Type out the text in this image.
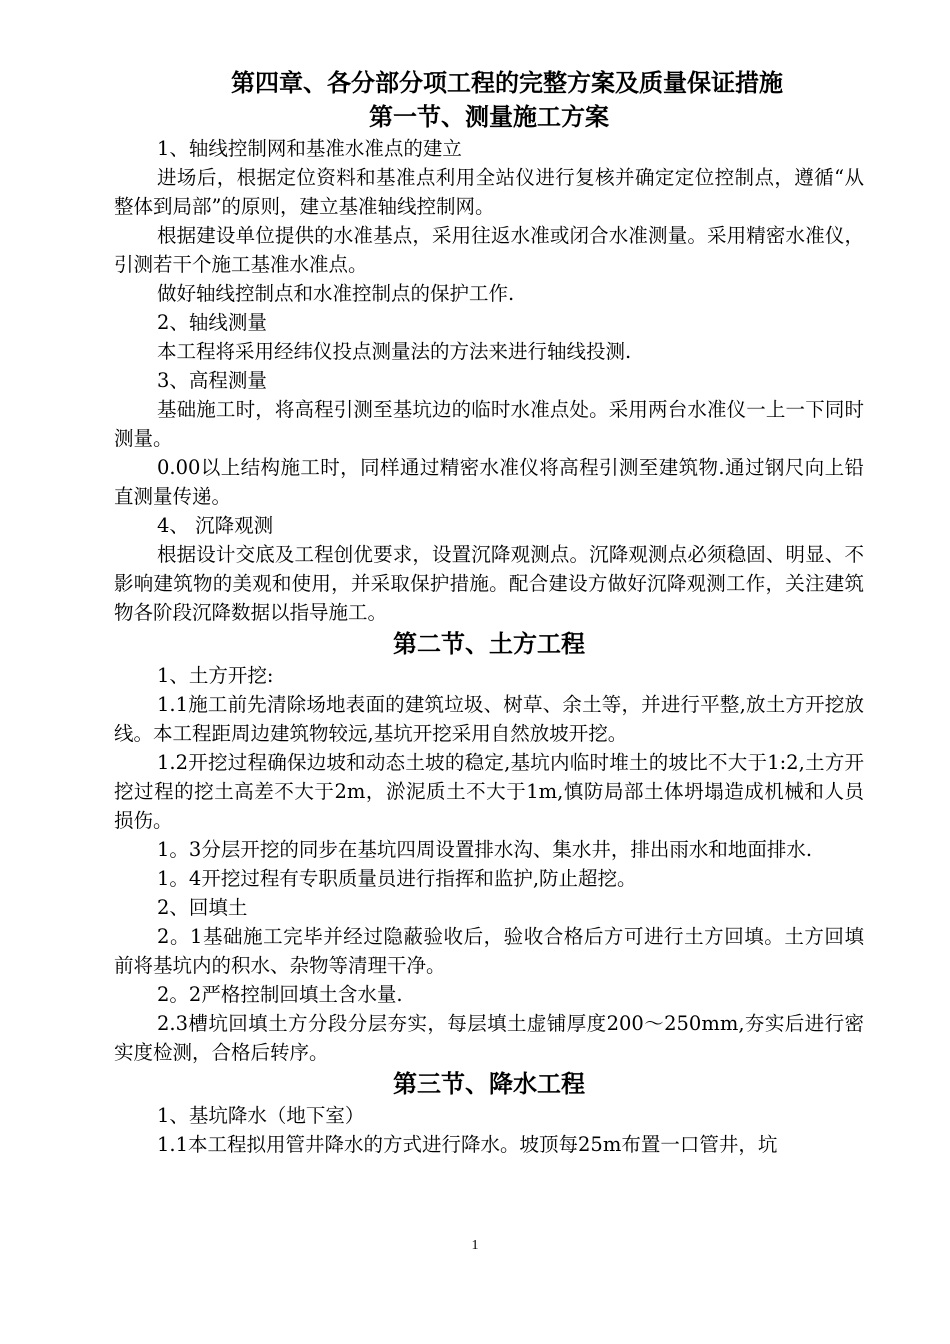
第四章、各分部分项工程的完整方案及质量保证措施
第一节、测量施工方案

1、轴线控制网和基准水准点的建立

进场后，根据定位资料和基准点利用全站仪进行复核并确定定位控制点，遵循“从整体到局部”的原则，建立基准轴线控制网。

根据建设单位提供的水准基点，采用往返水准或闭合水准测量。采用精密水准仪，引测若干个施工基准水准点。

做好轴线控制点和水准控制点的保护工作.

2、轴线测量

本工程将采用经纬仪投点测量法的方法来进行轴线投测.

3、高程测量

基础施工时，将高程引测至基坑边的临时水准点处。采用两台水准仪一上一下同时测量。

0.00以上结构施工时，同样通过精密水准仪将高程引测至建筑物.通过钢尺向上铅直测量传递。

4、 沉降观测

根据设计交底及工程创优要求，设置沉降观测点。沉降观测点必须稳固、明显、不影响建筑物的美观和使用，并采取保护措施。配合建设方做好沉降观测工作，关注建筑物各阶段沉降数据以指导施工。

第二节、土方工程

1、土方开挖:

1.1施工前先清除场地表面的建筑垃圾、树草、余土等，并进行平整,放土方开挖放线。本工程距周边建筑物较远,基坑开挖采用自然放坡开挖。

1.2开挖过程确保边坡和动态土坡的稳定,基坑内临时堆土的坡比不大于1:2,土方开挖过程的挖土高差不大于2m，淤泥质土不大于1m,慎防局部土体坍塌造成机械和人员损伤。

1。3分层开挖的同步在基坑四周设置排水沟、集水井，排出雨水和地面排水.

1。4开挖过程有专职质量员进行指挥和监护,防止超挖。

2、回填土

2。1基础施工完毕并经过隐蔽验收后，验收合格后方可进行土方回填。土方回填前将基坑内的积水、杂物等清理干净。

2。2严格控制回填土含水量.

2.3槽坑回填土方分段分层夯实，每层填土虚铺厚度200～250mm,夯实后进行密实度检测，合格后转序。

第三节、降水工程

1、基坑降水（地下室）

1.1本工程拟用管井降水的方式进行降水。坡顶每25m布置一口管井，坑

1
